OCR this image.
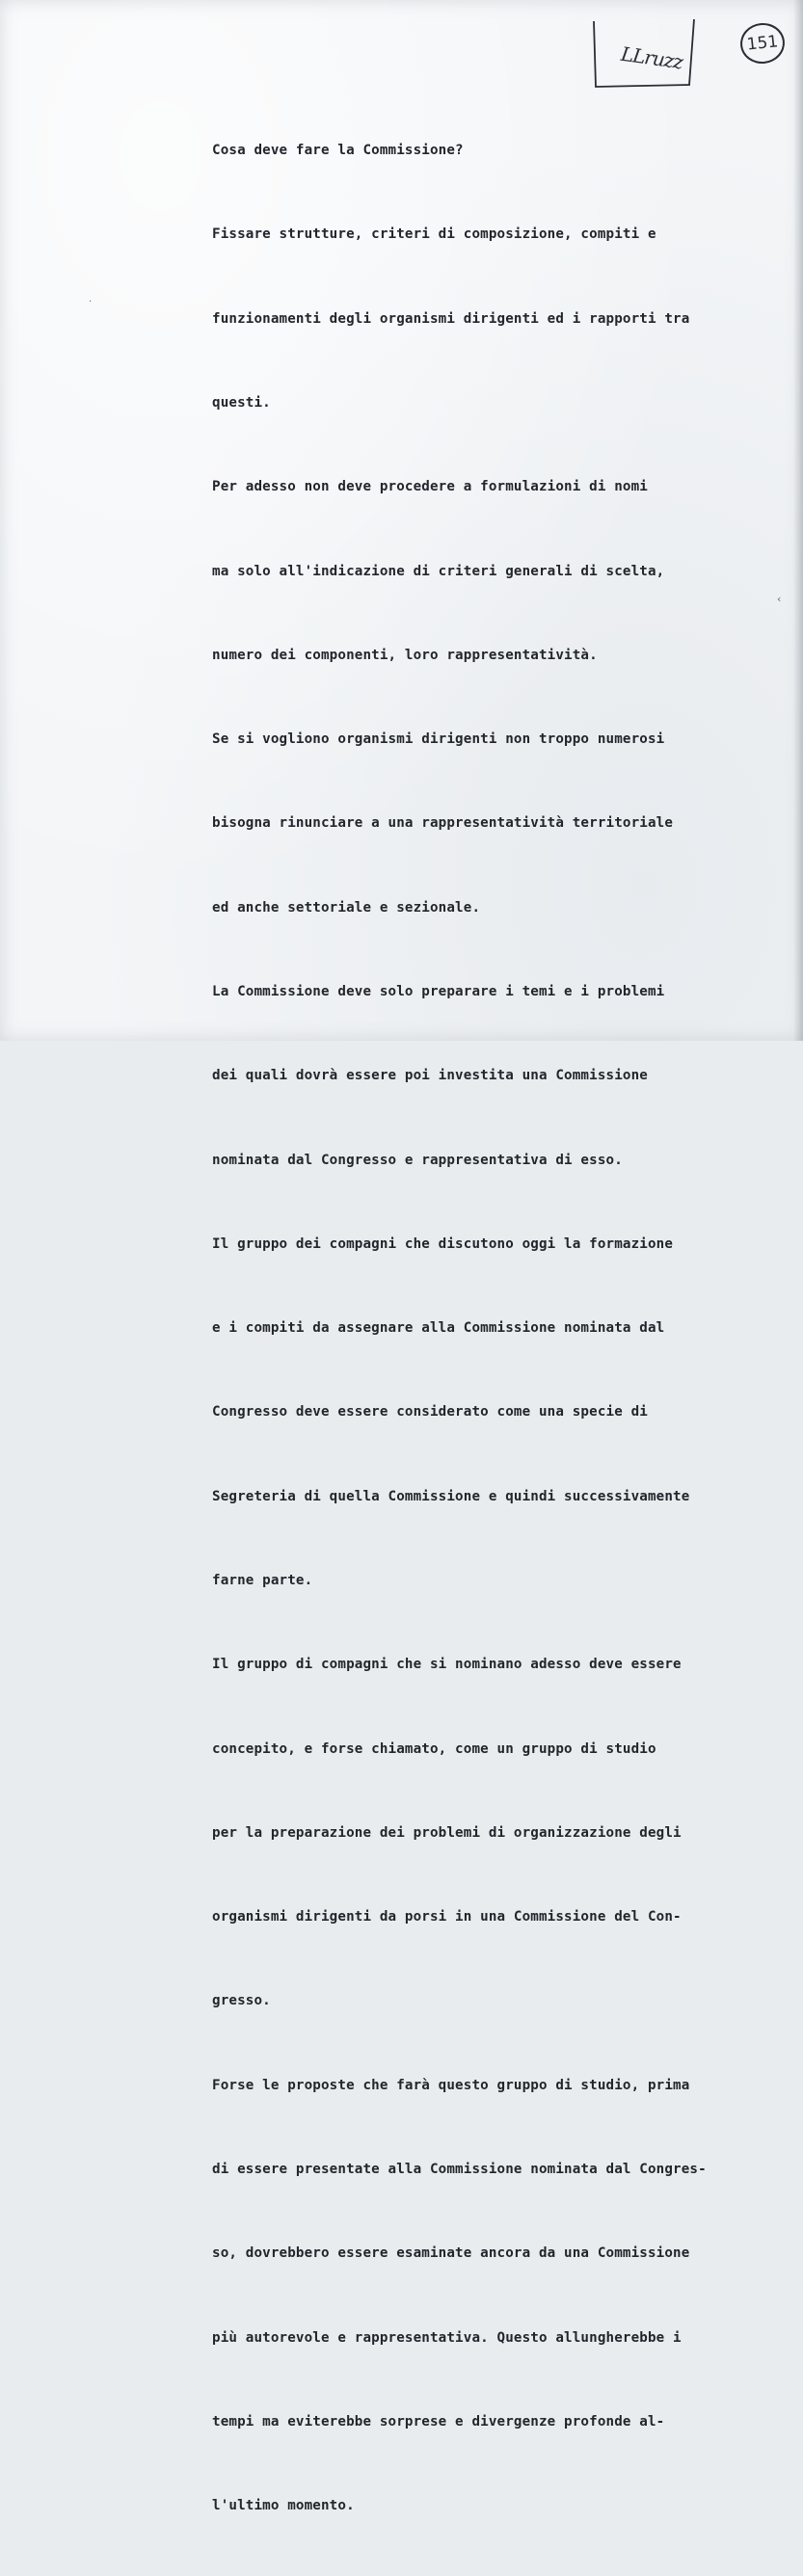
LLruzz	151
·
‹

Cosa deve fare la Commissione?

Fissare strutture, criteri di composizione, compiti e

funzionamenti degli organismi dirigenti ed i rapporti tra

questi.

Per adesso non deve procedere a formulazioni di nomi

ma solo all'indicazione di criteri generali di scelta,

numero dei componenti, loro rappresentatività.

Se si vogliono organismi dirigenti non troppo numerosi

bisogna rinunciare a una rappresentatività territoriale

ed anche settoriale e sezionale.

La Commissione deve solo preparare i temi e i problemi

dei quali dovrà essere poi investita una Commissione

nominata dal Congresso e rappresentativa di esso.

Il gruppo dei compagni che discutono oggi la formazione

e i compiti da assegnare alla Commissione nominata dal

Congresso deve essere considerato come una specie di

Segreteria di quella Commissione e quindi successivamente

farne parte.

Il gruppo di compagni che si nominano adesso deve essere

concepito, e forse chiamato, come un gruppo di studio

per la preparazione dei problemi di organizzazione degli

organismi dirigenti da porsi in una Commissione del Con-

gresso.

Forse le proposte che farà questo gruppo di studio, prima

di essere presentate alla Commissione nominata dal Congres-

so, dovrebbero essere esaminate ancora da una Commissione

più autorevole e rappresentativa. Questo allungherebbe i

tempi ma eviterebbe sorprese e divergenze profonde al-

l'ultimo momento.
